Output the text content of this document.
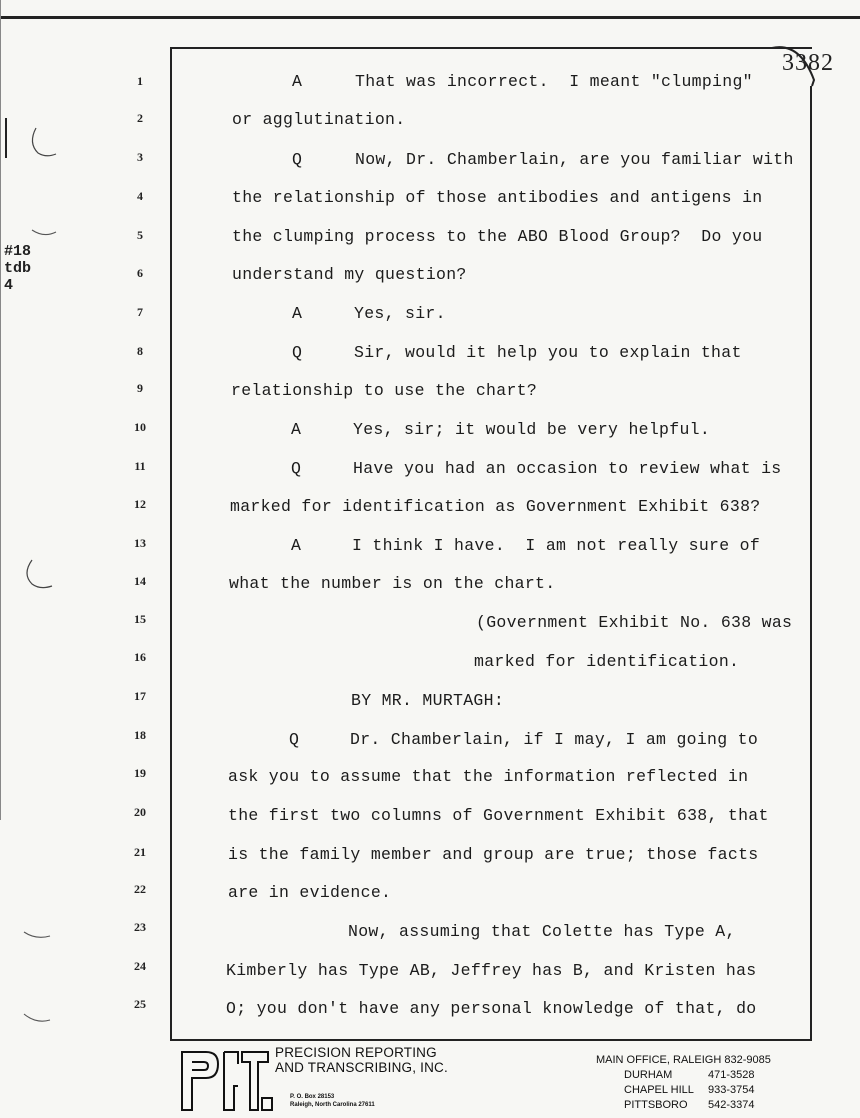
#18
tdb
4
3382
1
2
3
4
5
6
7
8
9
10
11
12
13
14
15
16
17
18
19
20
21
22
23
24
25
A	That was incorrect.  I meant "clumping"
or agglutination.
Q	Now, Dr. Chamberlain, are you familiar with
the relationship of those antibodies and antigens in
the clumping process to the ABO Blood Group?  Do you
understand my question?
A	Yes, sir.
Q	Sir, would it help you to explain that
relationship to use the chart?
A	Yes, sir; it would be very helpful.
Q	Have you had an occasion to review what is
marked for identification as Government Exhibit 638?
A	I think I have.  I am not really sure of
what the number is on the chart.
(Government Exhibit No. 638 was
marked for identification.
BY MR. MURTAGH:
Q	Dr. Chamberlain, if I may, I am going to
ask you to assume that the information reflected in
the first two columns of Government Exhibit 638, that
is the family member and group are true; those facts
are in evidence.
Now, assuming that Colette has Type A,
Kimberly has Type AB, Jeffrey has B, and Kristen has
O; you don't have any personal knowledge of that, do
PRECISION REPORTING
AND TRANSCRIBING, INC.
P. O. Box 28153
Raleigh, North Carolina 27611
MAIN OFFICE, RALEIGH 832-9085
DURHAM	471-3528
CHAPEL HILL 933-3754
PITTSBORO 542-3374
